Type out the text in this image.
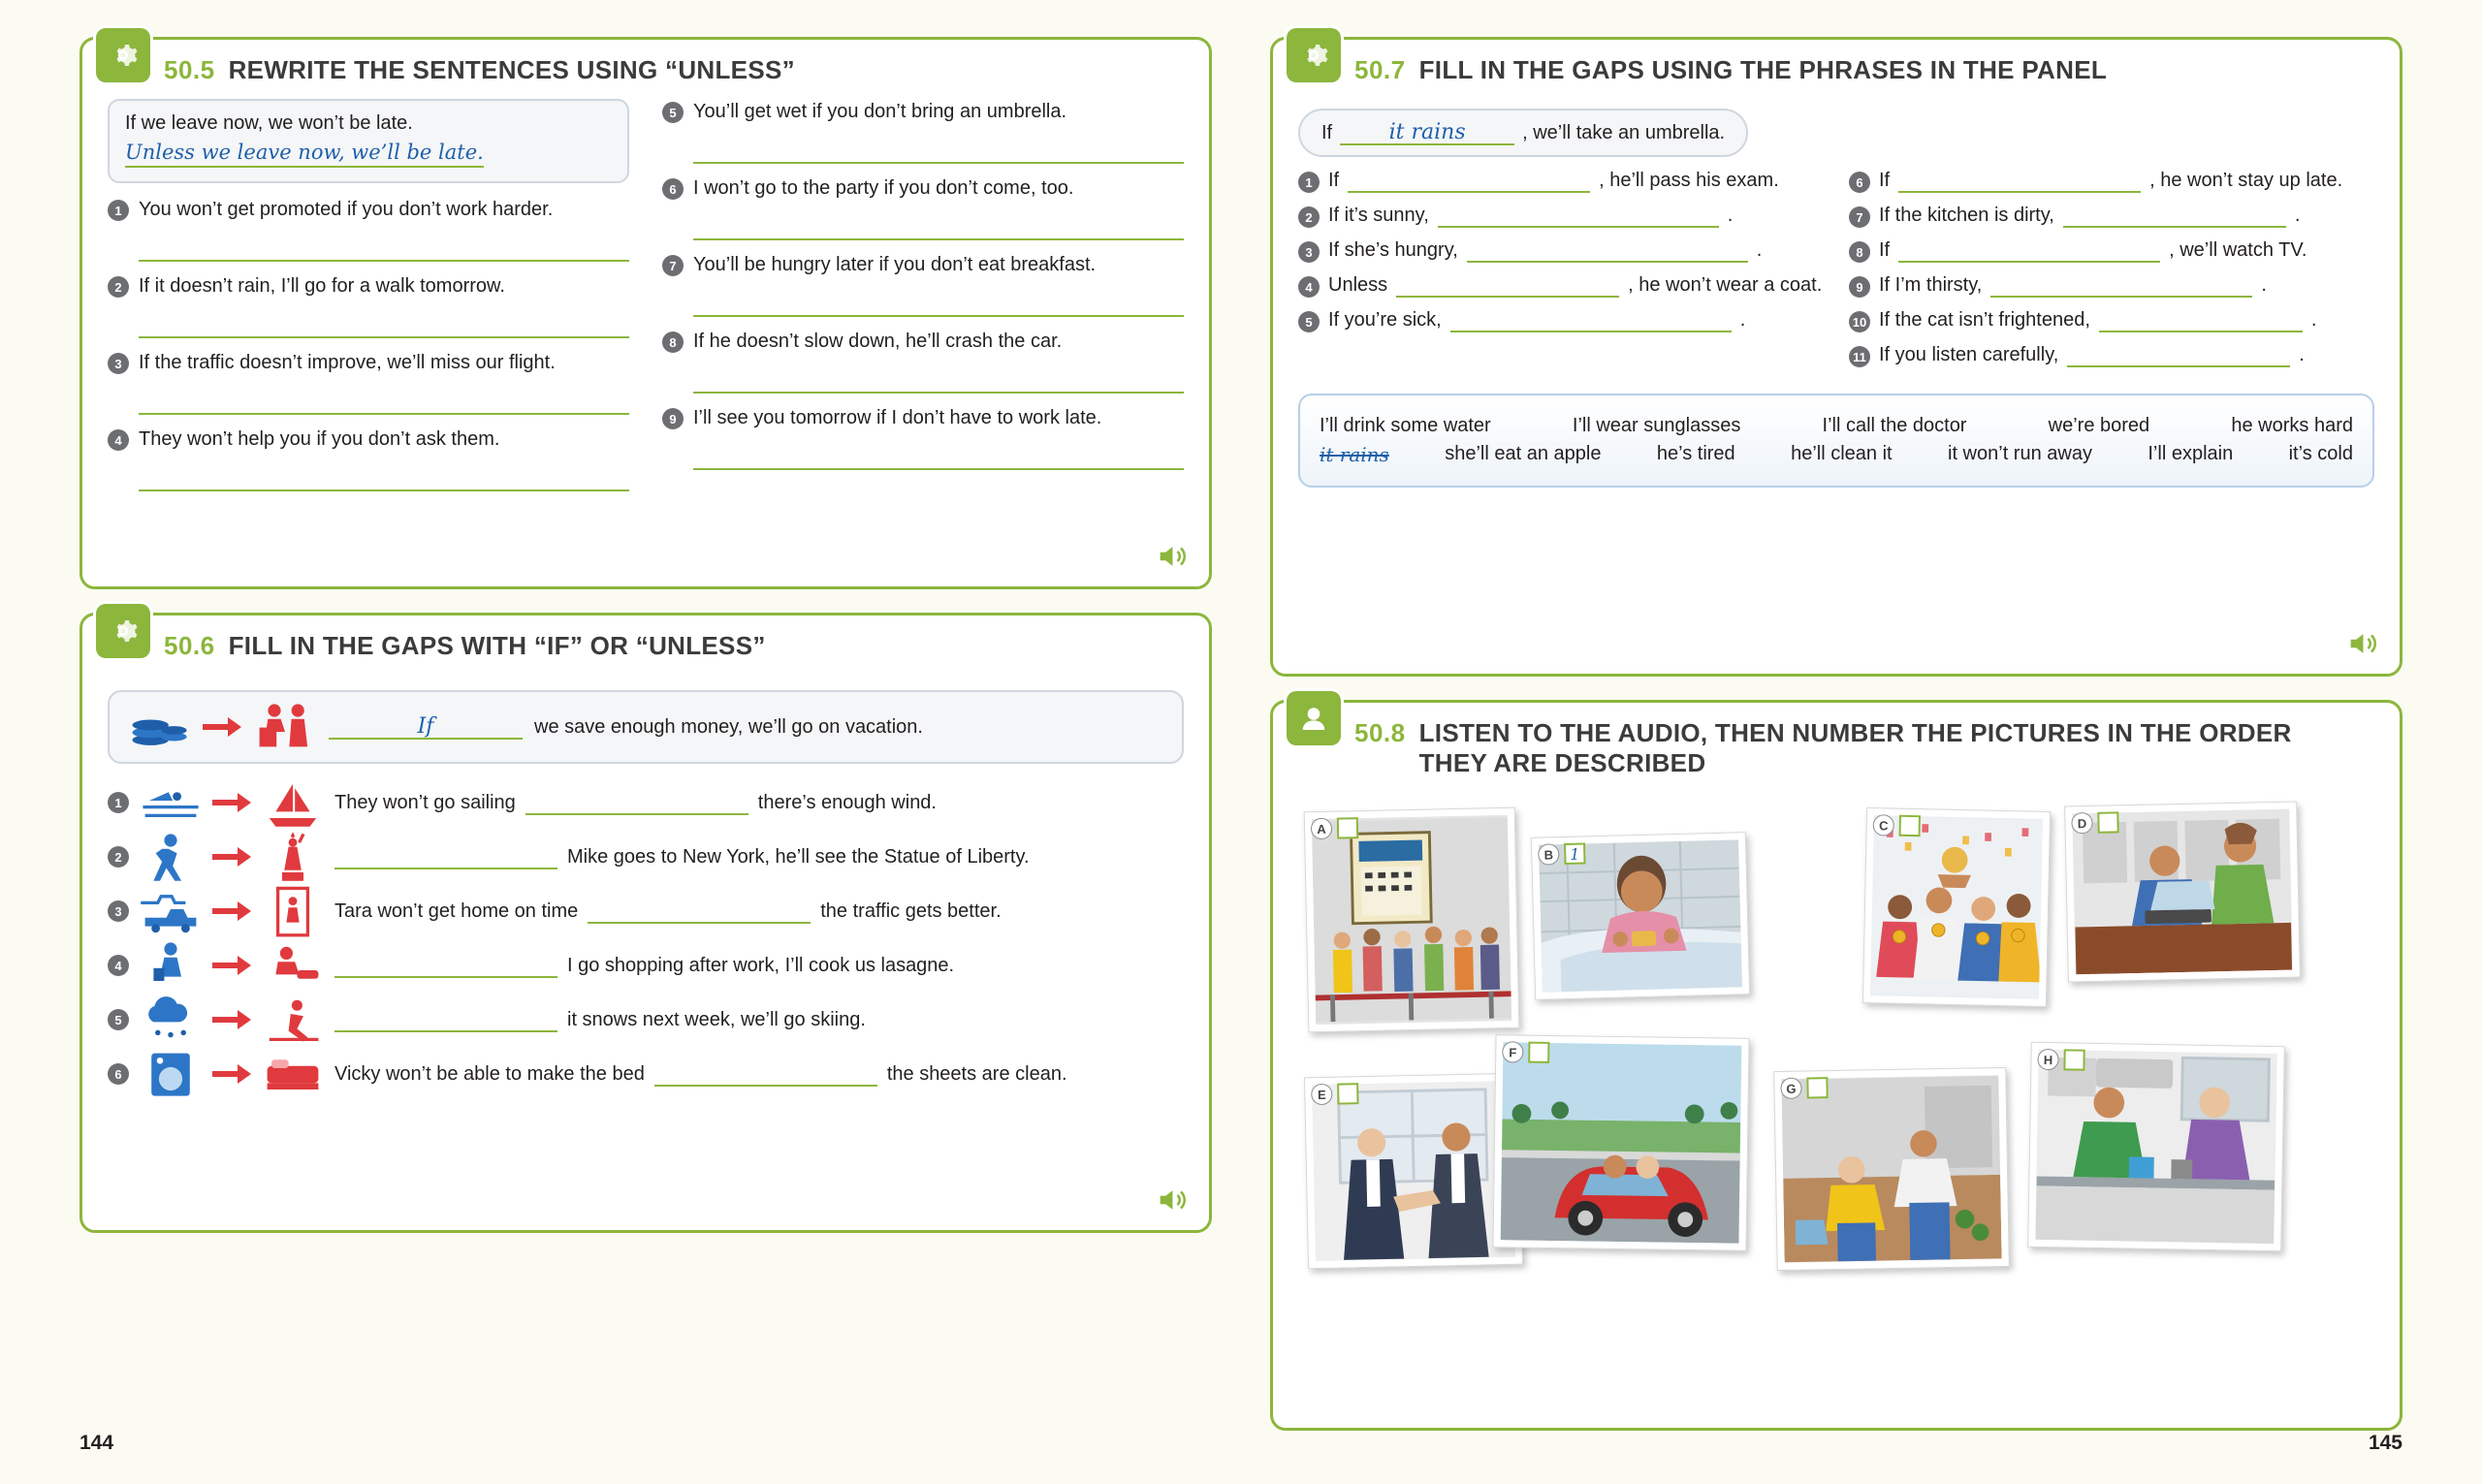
50.5 REWRITE THE SENTENCES USING “UNLESS”
If we leave now, we won’t be late.
Unless we leave now, we’ll be late.
1 You won’t get promoted if you don’t work harder.
2 If it doesn’t rain, I’ll go for a walk tomorrow.
3 If the traffic doesn’t improve, we’ll miss our flight.
4 They won’t help you if you don’t ask them.
5 You’ll get wet if you don’t bring an umbrella.
6 I won’t go to the party if you don’t come, too.
7 You’ll be hungry later if you don’t eat breakfast.
8 If he doesn’t slow down, he’ll crash the car.
9 I’ll see you tomorrow if I don’t have to work late.
50.6 FILL IN THE GAPS WITH “IF” OR “UNLESS”
If	we save enough money, we’ll go on vacation.
1	They won’t go sailing	there’s enough wind.
2	Mike goes to New York, he’ll see the Statue of Liberty.
3	Tara won’t get home on time	the traffic gets better.
4	I go shopping after work, I’ll cook us lasagne.
5	it snows next week, we’ll go skiing.
6	Vicky won’t be able to make the bed	the sheets are clean.
144
50.7 FILL IN THE GAPS USING THE PHRASES IN THE PANEL
If	it rains	, we’ll take an umbrella.
1 If	, he’ll pass his exam.
2 If it’s sunny,	.
3 If she’s hungry,	.
4 Unless	, he won’t wear a coat.
5 If you’re sick,	.
6 If	, he won’t stay up late.
7 If the kitchen is dirty,	.
8 If	, we’ll watch TV.
9 If I’m thirsty,	.
10 If the cat isn’t frightened,	.
11 If you listen carefully,	.
I’ll drink some water	I’ll wear sunglasses	I’ll call the doctor	we’re bored	he works hard
it rains	she’ll eat an apple	he’s tired	he’ll clean it	it won’t run away	I’ll explain	it’s cold
50.8 LISTEN TO THE AUDIO, THEN NUMBER THE PICTURES IN THE ORDER THEY ARE DESCRIBED
A
B	1
C	D
E
F
G
H
145
